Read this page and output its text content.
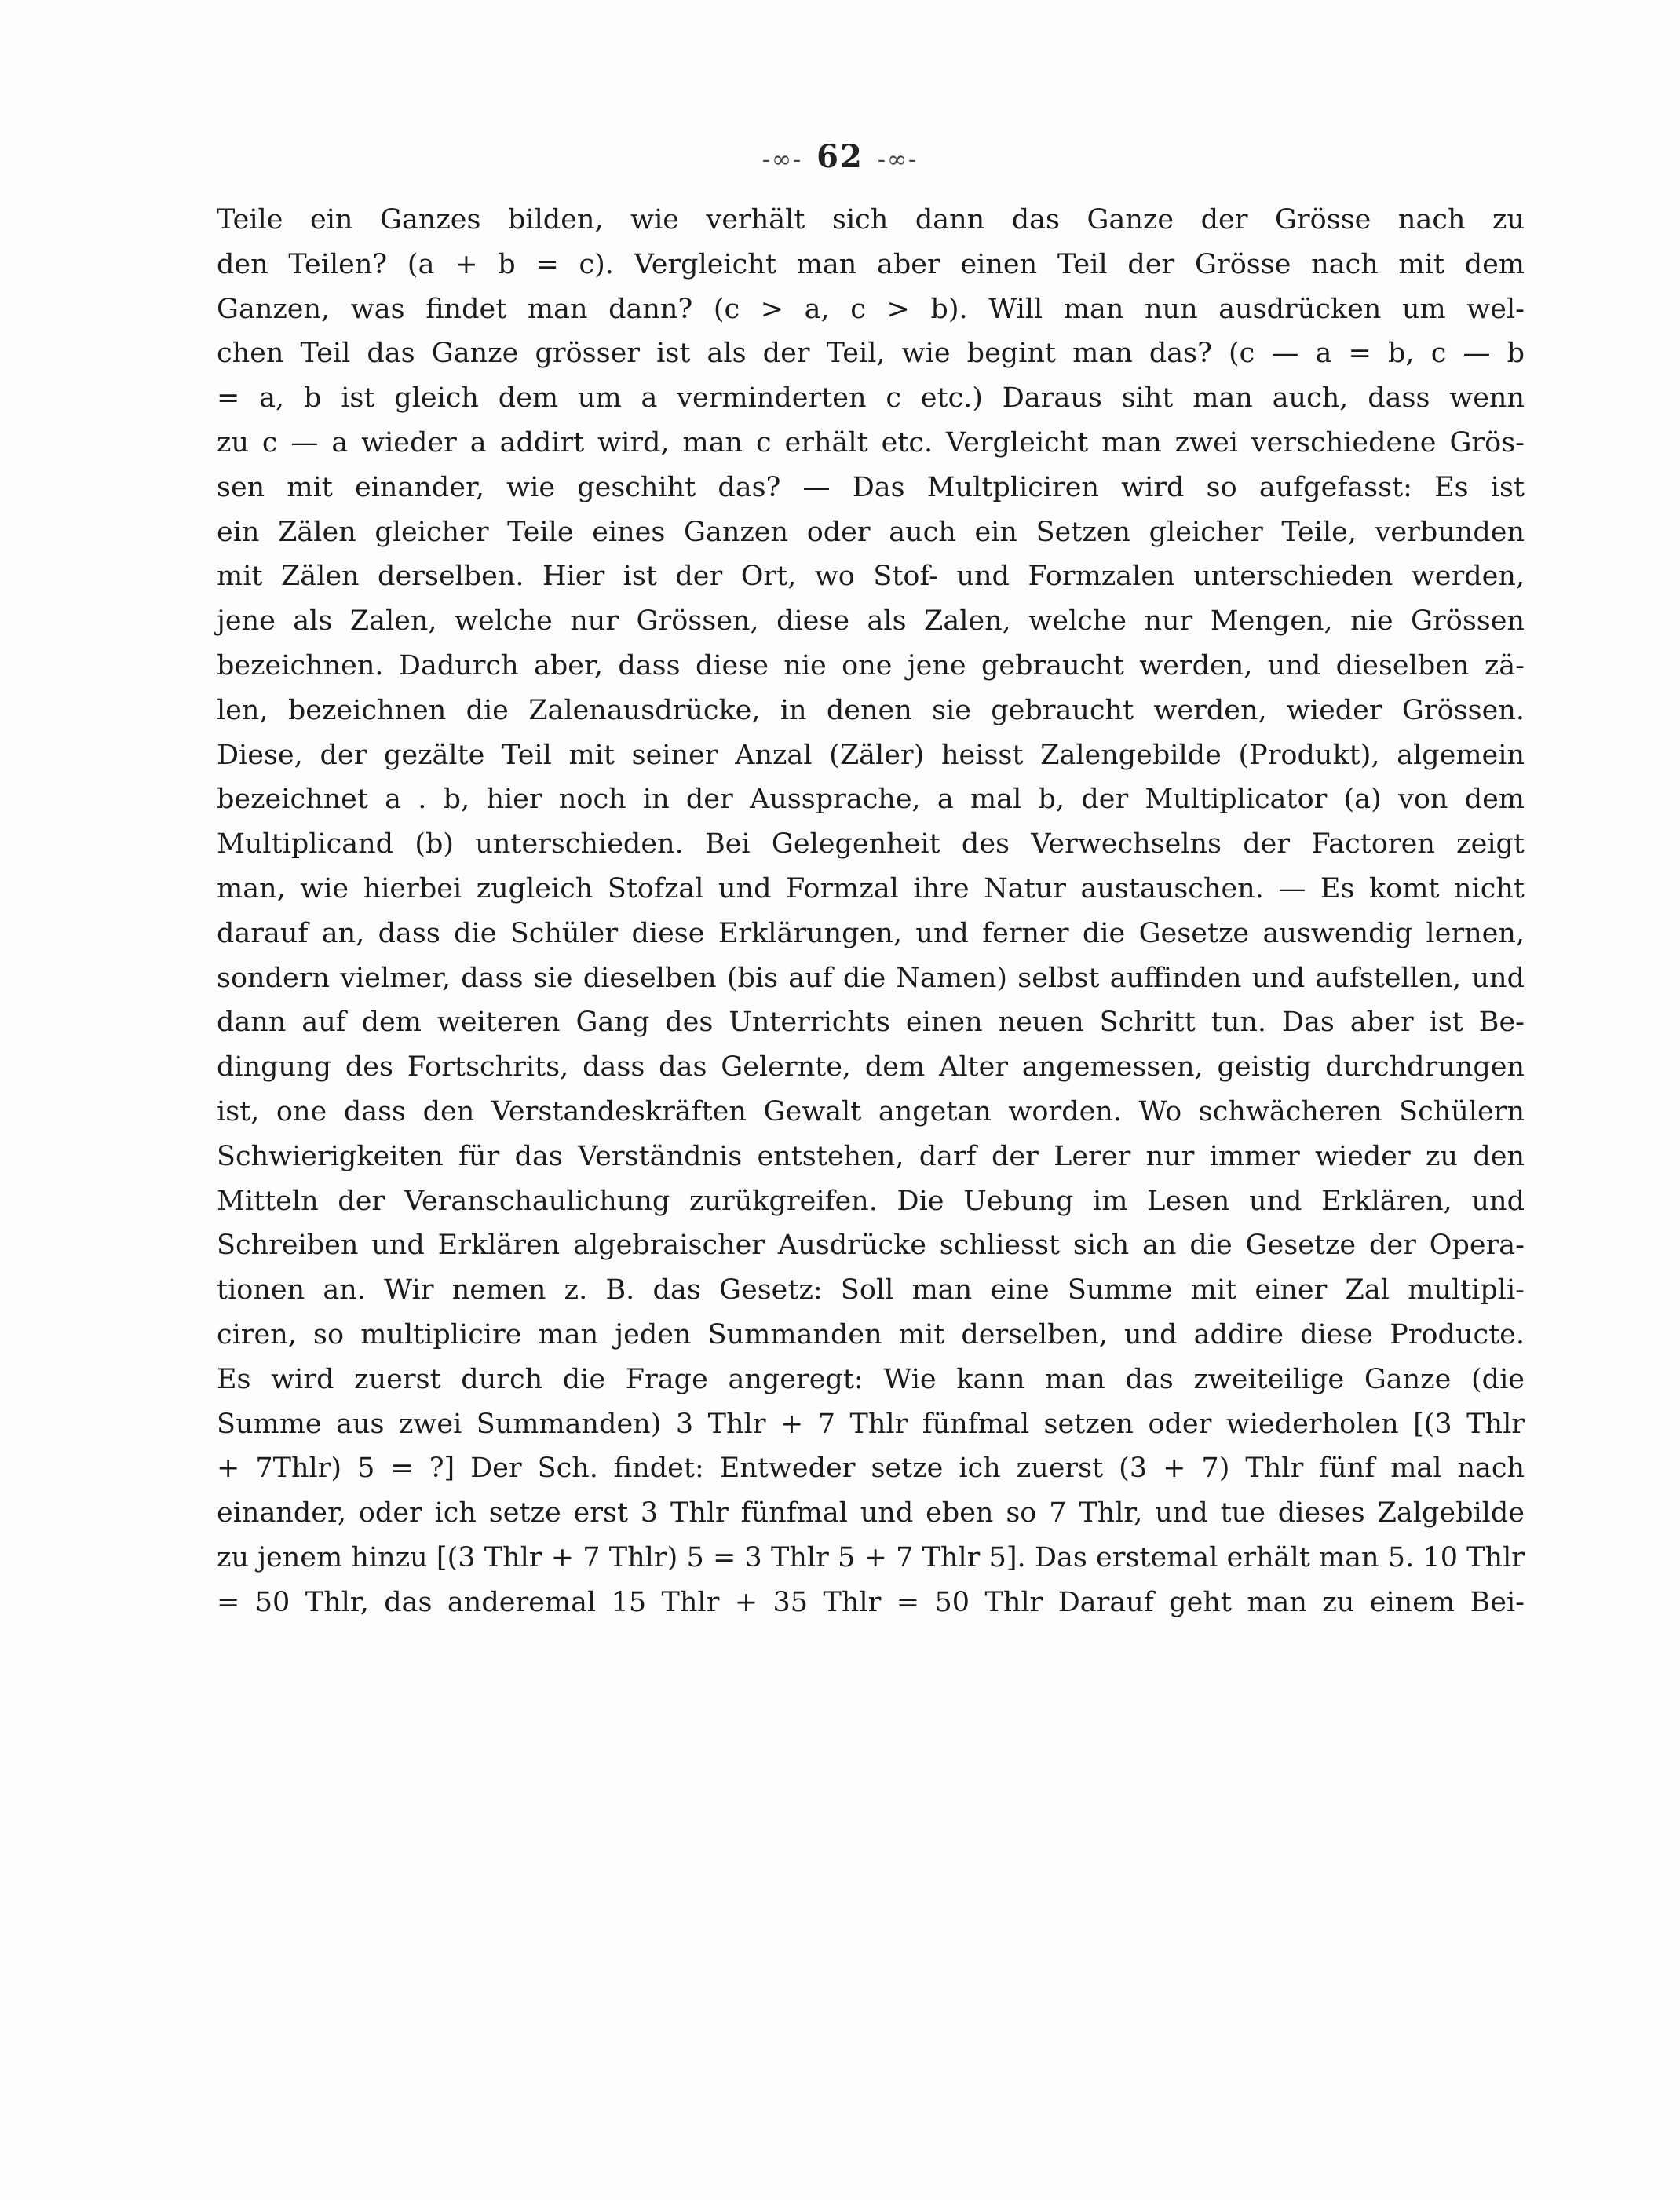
-∞- 62 -∞-
Teile ein Ganzes bilden, wie verhält sich dann das Ganze der Grösse nach zu
den Teilen? (a + b = c). Vergleicht man aber einen Teil der Grösse nach mit dem
Ganzen, was findet man dann? (c > a, c > b). Will man nun ausdrücken um wel-
chen Teil das Ganze grösser ist als der Teil, wie begint man das? (c — a = b, c — b
= a, b ist gleich dem um a verminderten c etc.) Daraus siht man auch, dass wenn
zu c — a wieder a addirt wird, man c erhält etc. Vergleicht man zwei verschiedene Grös-
sen mit einander, wie geschiht das? — Das Multpliciren wird so aufgefasst: Es ist
ein Zälen gleicher Teile eines Ganzen oder auch ein Setzen gleicher Teile, verbunden
mit Zälen derselben. Hier ist der Ort, wo Stof- und Formzalen unterschieden werden,
jene als Zalen, welche nur Grössen, diese als Zalen, welche nur Mengen, nie Grössen
bezeichnen. Dadurch aber, dass diese nie one jene gebraucht werden, und dieselben zä-
len, bezeichnen die Zalenausdrücke, in denen sie gebraucht werden, wieder Grössen.
Diese, der gezälte Teil mit seiner Anzal (Zäler) heisst Zalengebilde (Produkt), algemein
bezeichnet a . b, hier noch in der Aussprache, a mal b, der Multiplicator (a) von dem
Multiplicand (b) unterschieden. Bei Gelegenheit des Verwechselns der Factoren zeigt
man, wie hierbei zugleich Stofzal und Formzal ihre Natur austauschen. — Es komt nicht
darauf an, dass die Schüler diese Erklärungen, und ferner die Gesetze auswendig lernen,
sondern vielmer, dass sie dieselben (bis auf die Namen) selbst auffinden und aufstellen, und
dann auf dem weiteren Gang des Unterrichts einen neuen Schritt tun. Das aber ist Be-
dingung des Fortschrits, dass das Gelernte, dem Alter angemessen, geistig durchdrungen
ist, one dass den Verstandeskräften Gewalt angetan worden. Wo schwächeren Schülern
Schwierigkeiten für das Verständnis entstehen, darf der Lerer nur immer wieder zu den
Mitteln der Veranschaulichung zurükgreifen. Die Uebung im Lesen und Erklären, und
Schreiben und Erklären algebraischer Ausdrücke schliesst sich an die Gesetze der Opera-
tionen an. Wir nemen z. B. das Gesetz: Soll man eine Summe mit einer Zal multipli-
ciren, so multiplicire man jeden Summanden mit derselben, und addire diese Producte.
Es wird zuerst durch die Frage angeregt: Wie kann man das zweiteilige Ganze (die
Summe aus zwei Summanden) 3 Thlr + 7 Thlr fünfmal setzen oder wiederholen [(3 Thlr
+ 7Thlr) 5 = ?] Der Sch. findet: Entweder setze ich zuerst (3 + 7) Thlr fünf mal nach
einander, oder ich setze erst 3 Thlr fünfmal und eben so 7 Thlr, und tue dieses Zalgebilde
zu jenem hinzu [(3 Thlr + 7 Thlr) 5 = 3 Thlr 5 + 7 Thlr 5]. Das erstemal erhält man 5. 10 Thlr
= 50 Thlr, das anderemal 15 Thlr + 35 Thlr = 50 Thlr Darauf geht man zu einem Bei-
